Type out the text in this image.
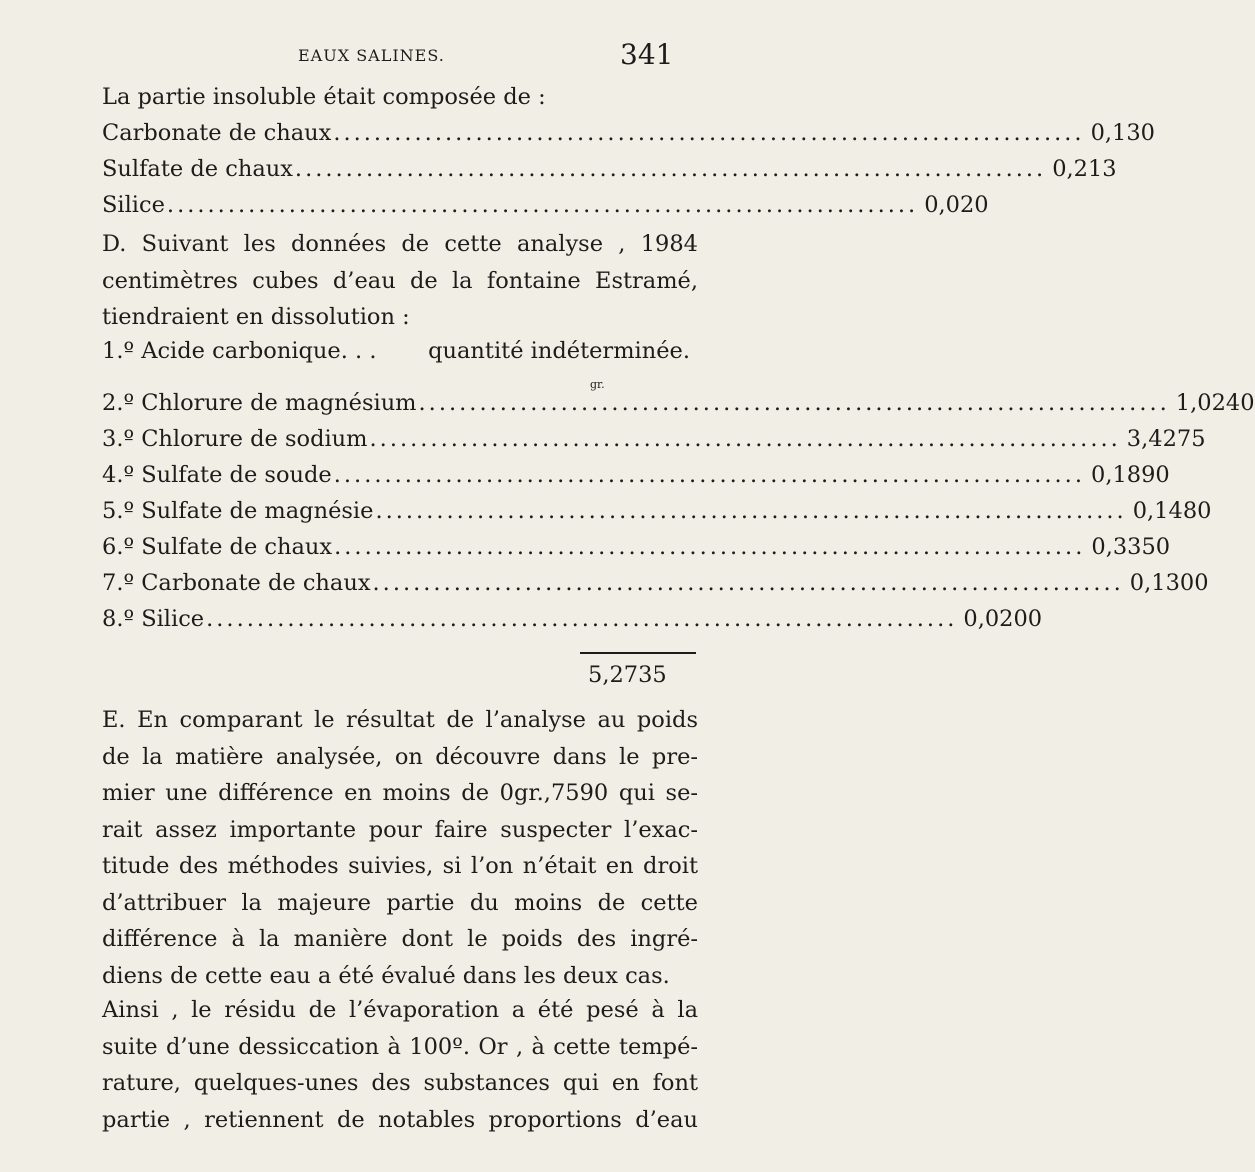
EAUX SALINES.	341
La partie insoluble était composée de :
Carbonate de chaux .......................................................................... 0,130
Sulfate de chaux .......................................................................... 0,213
Silice .......................................................................... 0,020
D. Suivant les données de cette analyse , 1984
centimètres cubes d’eau de la fontaine Estramé,
tiendraient en dissolution :
1.º Acide carbonique. . . quantité indéterminée.
gr.
2.º Chlorure de magnésium .......................................................................... 1,0240
3.º Chlorure de sodium .......................................................................... 3,4275
4.º Sulfate de soude .......................................................................... 0,1890
5.º Sulfate de magnésie .......................................................................... 0,1480
6.º Sulfate de chaux .......................................................................... 0,3350
7.º Carbonate de chaux .......................................................................... 0,1300
8.º Silice .......................................................................... 0,0200
5,2735
E. En comparant le résultat de l’analyse au poids
de la matière analysée, on découvre dans le pre-
mier une différence en moins de 0gr.,7590 qui se-
rait assez importante pour faire suspecter l’exac-
titude des méthodes suivies, si l’on n’était en droit
d’attribuer la majeure partie du moins de cette
différence à la manière dont le poids des ingré-
diens de cette eau a été évalué dans les deux cas.
Ainsi , le résidu de l’évaporation a été pesé à la
suite d’une dessiccation à 100º. Or , à cette tempé-
rature, quelques-unes des substances qui en font
partie , retiennent de notables proportions d’eau
